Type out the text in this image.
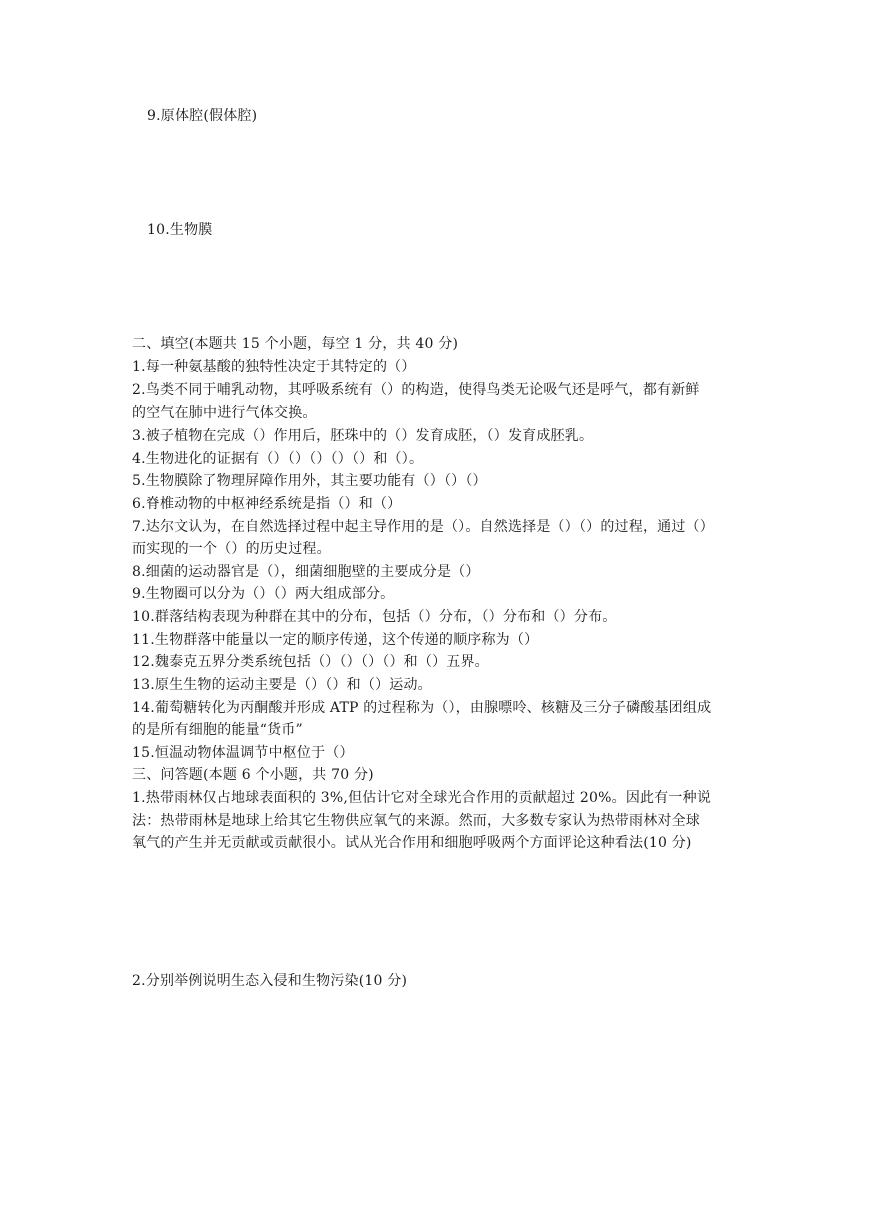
9.原体腔(假体腔)
10.生物膜
二、填空(本题共 15 个小题，每空 1 分，共 40 分)
1.每一种氨基酸的独特性决定于其特定的（）
2.鸟类不同于哺乳动物，其呼吸系统有（）的构造，使得鸟类无论吸气还是呼气，都有新鲜
的空气在肺中进行气体交换。
3.被子植物在完成（）作用后，胚珠中的（）发育成胚，（）发育成胚乳。
4.生物进化的证据有（）（）（）（）（）和（）。
5.生物膜除了物理屏障作用外，其主要功能有（）（）（）
6.脊椎动物的中枢神经系统是指（）和（）
7.达尔文认为，在自然选择过程中起主导作用的是（）。自然选择是（）（）的过程，通过（）
而实现的一个（）的历史过程。
8.细菌的运动器官是（），细菌细胞壁的主要成分是（）
9.生物圈可以分为（）（）两大组成部分。
10.群落结构表现为种群在其中的分布，包括（）分布，（）分布和（）分布。
11.生物群落中能量以一定的顺序传递，这个传递的顺序称为（）
12.魏泰克五界分类系统包括（）（）（）（）和（）五界。
13.原生生物的运动主要是（）（）和（）运动。
14.葡萄糖转化为丙酮酸并形成 ATP 的过程称为（），由腺嘌呤、核糖及三分子磷酸基团组成
的是所有细胞的能量“货币”
15.恒温动物体温调节中枢位于（）
三、问答题(本题 6 个小题，共 70 分)
1.热带雨林仅占地球表面积的 3%,但估计它对全球光合作用的贡献超过 20%。因此有一种说
法：热带雨林是地球上给其它生物供应氧气的来源。然而，大多数专家认为热带雨林对全球
氧气的产生并无贡献或贡献很小。试从光合作用和细胞呼吸两个方面评论这种看法(10 分)
2.分别举例说明生态入侵和生物污染(10 分)
